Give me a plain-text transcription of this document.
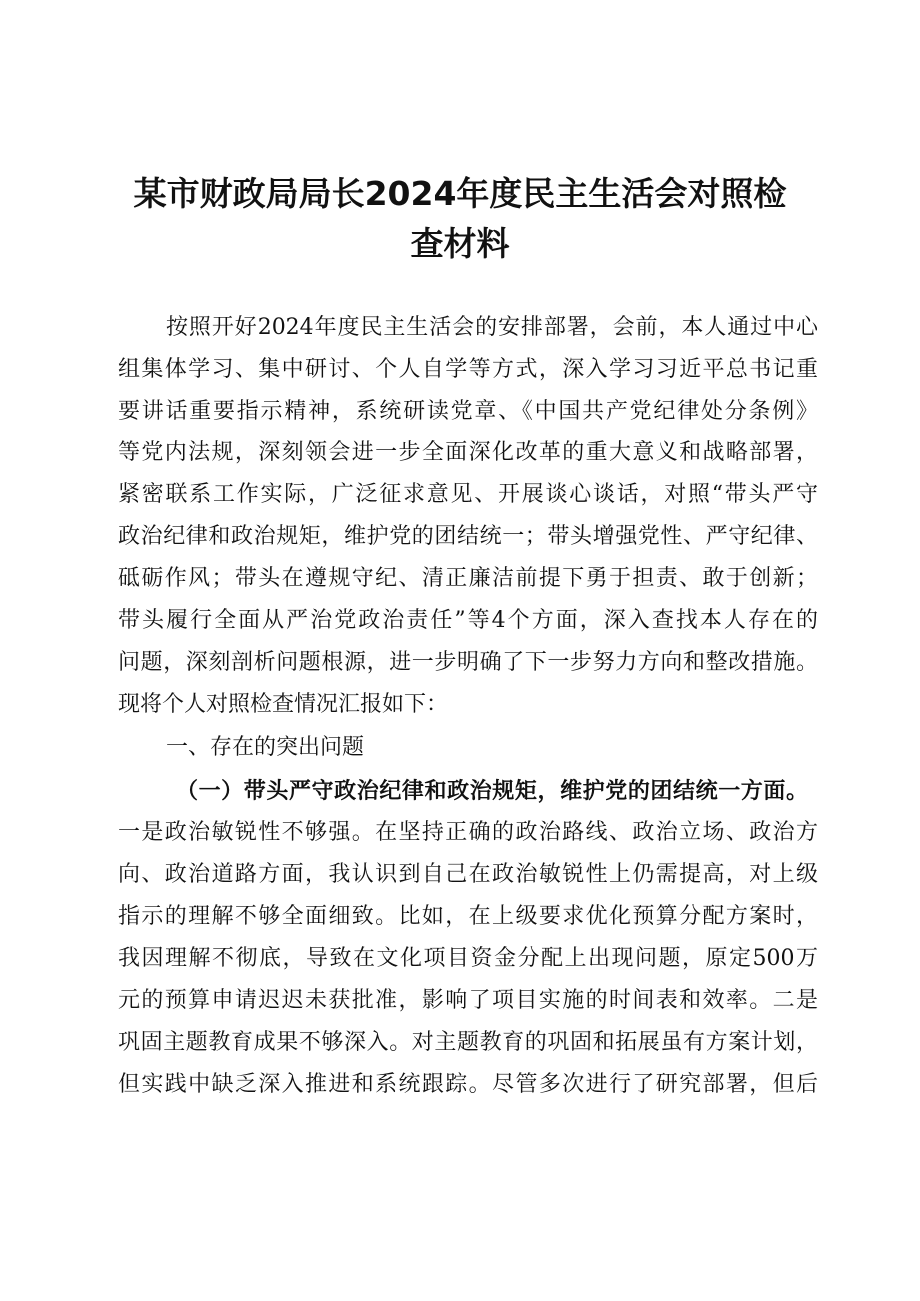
某市财政局局长2024年度民主生活会对照检
查材料
按照开好2024年度民主生活会的安排部署，会前，本人通过中心
组集体学习、集中研讨、个人自学等方式，深入学习习近平总书记重
要讲话重要指示精神，系统研读党章、《中国共产党纪律处分条例》
等党内法规，深刻领会进一步全面深化改革的重大意义和战略部署，
紧密联系工作实际，广泛征求意见、开展谈心谈话，对照“带头严守
政治纪律和政治规矩，维护党的团结统一；带头增强党性、严守纪律、
砥砺作风；带头在遵规守纪、清正廉洁前提下勇于担责、敢于创新；
带头履行全面从严治党政治责任”等4个方面，深入查找本人存在的
问题，深刻剖析问题根源，进一步明确了下一步努力方向和整改措施。
现将个人对照检查情况汇报如下：
一、存在的突出问题
（一）带头严守政治纪律和政治规矩，维护党的团结统一方面。
一是政治敏锐性不够强。在坚持正确的政治路线、政治立场、政治方
向、政治道路方面，我认识到自己在政治敏锐性上仍需提高，对上级
指示的理解不够全面细致。比如，在上级要求优化预算分配方案时，
我因理解不彻底，导致在文化项目资金分配上出现问题，原定500万
元的预算申请迟迟未获批准，影响了项目实施的时间表和效率。二是
巩固主题教育成果不够深入。对主题教育的巩固和拓展虽有方案计划，
但实践中缺乏深入推进和系统跟踪。尽管多次进行了研究部署，但后
